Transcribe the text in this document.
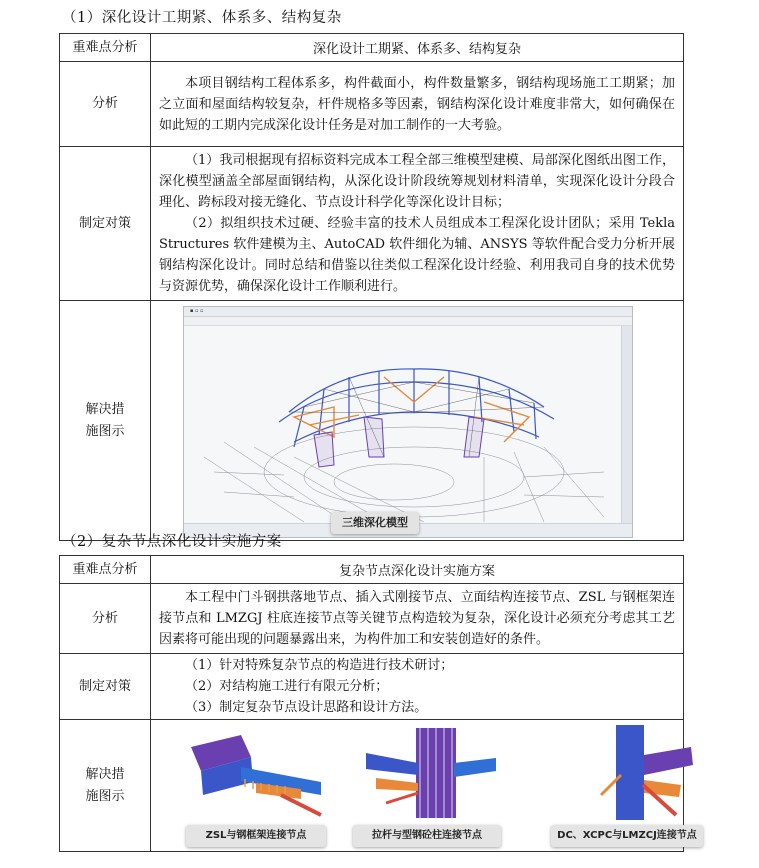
（1）深化设计工期紧、体系多、结构复杂
重难点分析	深化设计工期紧、体系多、结构复杂
分析	本项目钢结构工程体系多，构件截面小，构件数量繁多，钢结构现场施工工期紧；加之立面和屋面结构较复杂，杆件规格多等因素，钢结构深化设计难度非常大，如何确保在如此短的工期内完成深化设计任务是对加工制作的一大考验。

制定对策	（1）我司根据现有招标资料完成本工程全部三维模型建模、局部深化图纸出图工作，深化模型涵盖全部屋面钢结构，从深化设计阶段统筹规划材料清单，实现深化设计分段合理化、跨标段对接无缝化、节点设计科学化等深化设计目标；
（2）拟组织技术过硬、经验丰富的技术人员组成本工程深化设计团队；采用 Tekla Structures 软件建模为主、AutoCAD 软件细化为辅、ANSYS 等软件配合受力分析开展钢结构深化设计。同时总结和借鉴以往类似工程深化设计经验、利用我司自身的技术优势与资源优势，确保深化设计工作顺利进行。

解决措施图示	▪ ▫ ▫
三维深化模型
（2）复杂节点深化设计实施方案
重难点分析	复杂节点深化设计实施方案
分析	本工程中门斗钢拱落地节点、插入式刚接节点、立面结构连接节点、ZSL 与钢框架连接节点和 LMZGJ 柱底连接节点等关键节点构造较为复杂，深化设计必须充分考虑其工艺因素将可能出现的问题暴露出来，为构件加工和安装创造好的条件。

制定对策	（1）针对特殊复杂节点的构造进行技术研讨；
（2）对结构施工进行有限元分析；
（3）制定复杂节点设计思路和设计方法。

解决措施图示	ZSL与钢框架连接节点 拉杆与型钢砼柱连接节点 DC、XCPC与LMZCJ连接节点
